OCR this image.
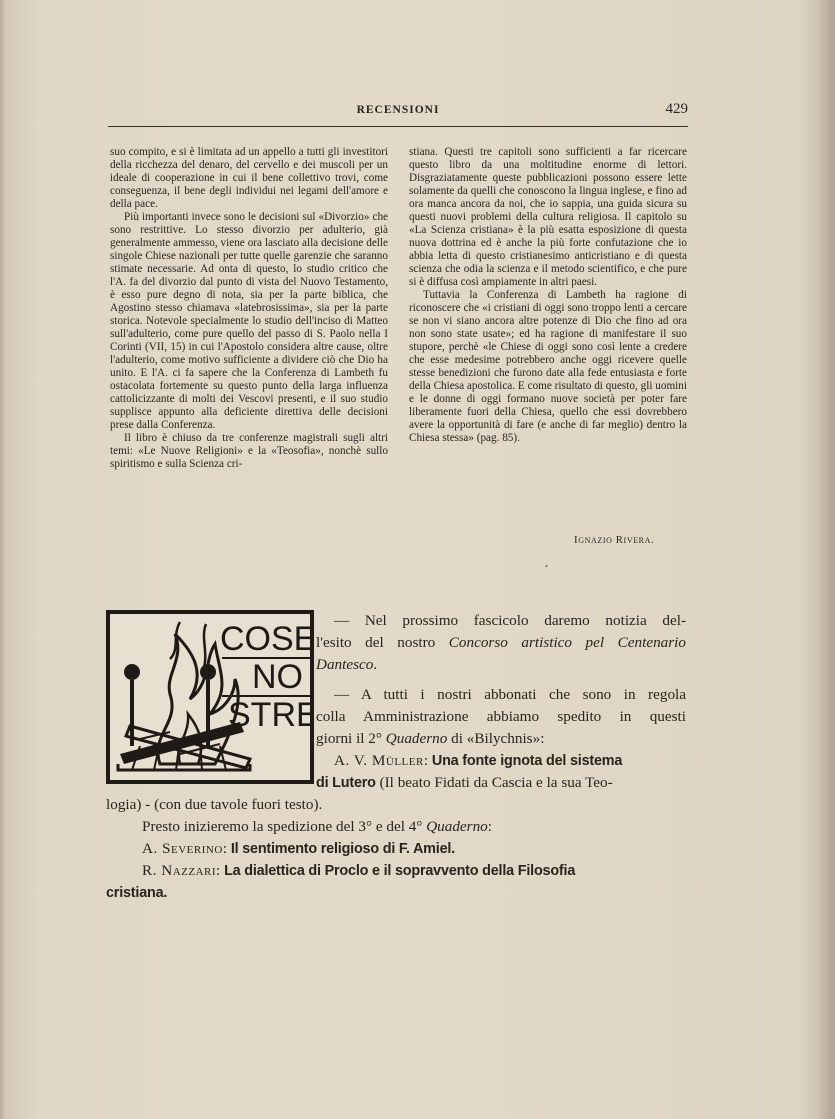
RECENSIONI	429

suo compito, e si è limitata ad un appello a tutti gli investitori della ricchezza del denaro, del cervello e dei muscoli per un ideale di cooperazione in cui il bene collettivo trovi, come conseguenza, il bene degli individui nei legami dell'amore e della pace.

Più importanti invece sono le decisioni sul «Divorzio» che sono restrittive. Lo stesso divorzio per adulterio, già generalmente ammesso, viene ora lasciato alla decisione delle singole Chiese nazionali per tutte quelle garenzie che saranno stimate necessarie. Ad onta di questo, lo studio critico che l'A. fa del divorzio dal punto di vista del Nuovo Testamento, è esso pure degno di nota, sia per la parte biblica, che Agostino stesso chiamava «latebrosissima», sia per la parte storica. Notevole specialmente lo studio dell'inciso di Matteo sull'adulterio, come pure quello del passo di S. Paolo nella I Corinti (VII, 15) in cui l'Apostolo considera altre cause, oltre l'adulterio, come motivo sufficiente a dividere ciò che Dio ha unito. E l'A. ci fa sapere che la Conferenza di Lambeth fu ostacolata fortemente su questo punto della larga influenza cattolicizzante di molti dei Vescovi presenti, e il suo studio supplisce appunto alla deficiente direttiva delle decisioni prese dalla Conferenza.

Il libro è chiuso da tre conferenze magistrali sugli altri temi: «Le Nuove Religioni» e la «Teosofia», nonchè sullo spiritismo e sulla Scienza cri-

stiana. Questi tre capitoli sono sufficienti a far ricercare questo libro da una moltitudine enorme di lettori. Disgraziatamente queste pubblicazioni possono essere lette solamente da quelli che conoscono la lingua inglese, e fino ad ora manca ancora da noi, che io sappia, una guida sicura su questi nuovi problemi della cultura religiosa. Il capitolo su «La Scienza cristiana» è la più esatta esposizione di questa nuova dottrina ed è anche la più forte confutazione che io abbia letta di questo cristianesimo anticristiano e di questa scienza che odia la scienza e il metodo scientifico, e che pure si è diffusa così ampiamente in altri paesi.

Tuttavia la Conferenza di Lambeth ha ragione di riconoscere che «i cristiani di oggi sono troppo lenti a cercare se non vi siano ancora altre potenze di Dio che fino ad ora non sono state usate»; ed ha ragione di manifestare il suo stupore, perchè «le Chiese di oggi sono così lente a credere che esse medesime potrebbero anche oggi ricevere quelle stesse benedizioni che furono date alla fede entusiasta e forte della Chiesa apostolica. E come risultato di questo, gli uomini e le donne di oggi formano nuove società per poter fare liberamente fuori della Chiesa, quello che essi dovrebbero avere la opportunità di fare (e anche di far meglio) dentro la Chiesa stessa» (pag. 85).

Ignazio Rivera.
•
COSE
NO
STRE
— Nel prossimo fascicolo daremo notizia del-
l'esito del nostro Concorso artistico pel Centenario
Dantesco.
— A tutti i nostri abbonati che sono in regola
colla Amministrazione abbiamo spedito in questi
giorni il 2° Quaderno di «Bilychnis»:
A. V. Müller: Una fonte ignota del sistema
di Lutero (Il beato Fidati da Cascia e la sua Teo-
logia) - (con due tavole fuori testo).
Presto inizieremo la spedizione del 3° e del 4° Quaderno:
A. Severino: Il sentimento religioso di F. Amiel.
R. Nazzari: La dialettica di Proclo e il sopravvento della Filosofia
cristiana.
